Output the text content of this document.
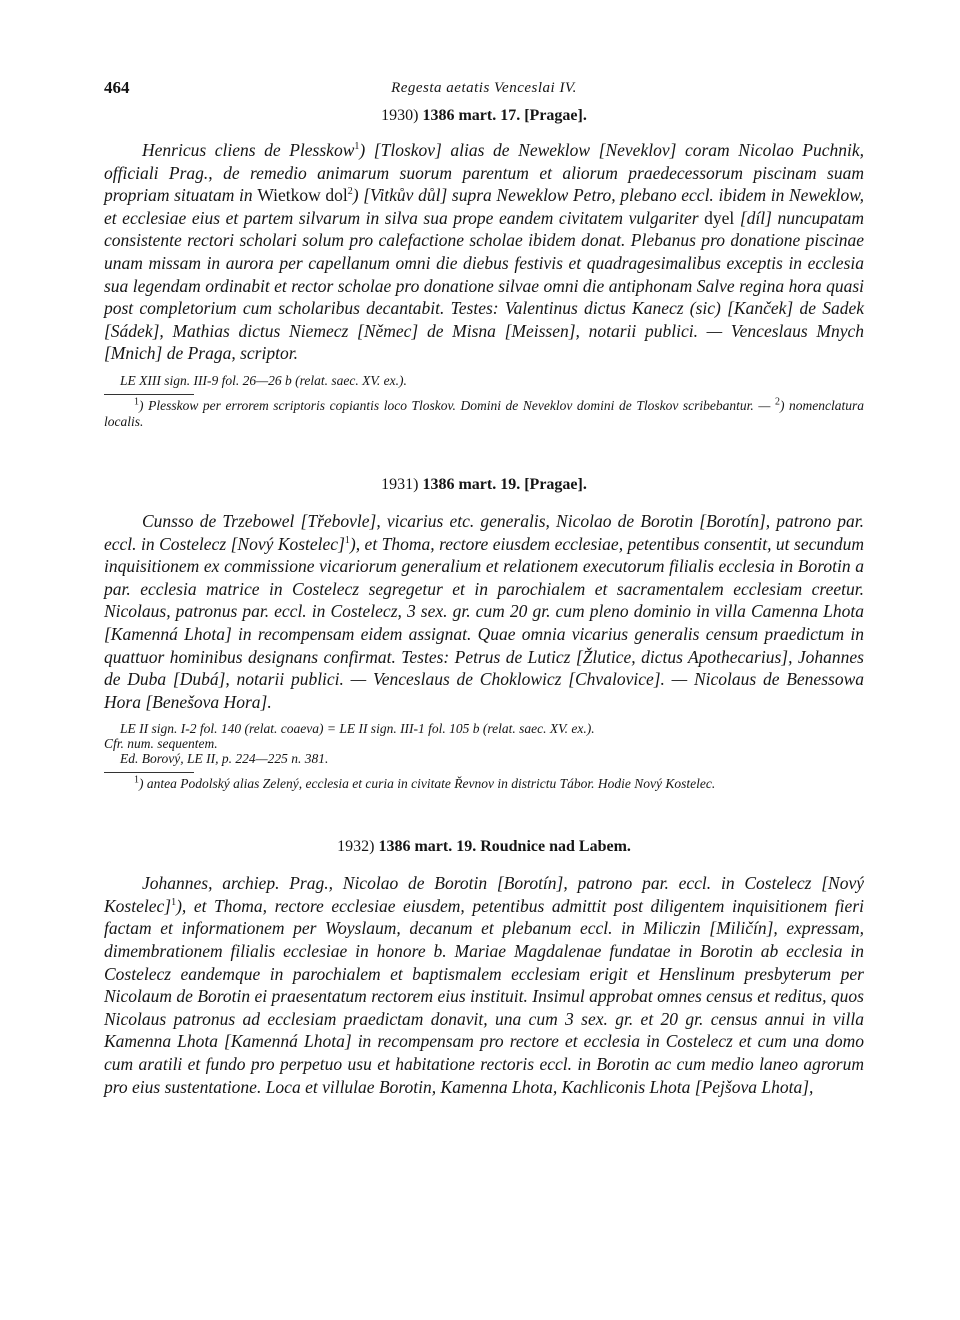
464	Regesta aetatis Venceslai IV.
1930) 1386 mart. 17. [Pragae].

Henricus cliens de Plesskow$^1$) [Tloskov] alias de Neweklow [Neveklov] coram Nicolao Puchnik, officiali Prag., de remedio animarum suorum parentum et aliorum praedecessorum piscinam suam propriam situatam in Wietkow dol$^2$) [Vitkův důl] supra Neweklow Petro, plebano eccl. ibidem in Neweklow, et ecclesiae eius et partem silvarum in silva sua prope eandem civitatem vulgariter dyel [díl] nuncupatam consistente rectori scholari solum pro calefactione scholae ibidem donat. Plebanus pro donatione piscinae unam missam in aurora per capellanum omni die diebus festivis et quadragesimalibus exceptis in ecclesia sua legendam ordinabit et rector scholae pro donatione silvae omni die antiphonam Salve regina hora quasi post completorium cum scholaribus decantabit. Testes: Valentinus dictus Kanecz (sic) [Kanček] de Sadek [Sádek], Mathias dictus Niemecz [Němec] de Misna [Meissen], notarii publici. — Venceslaus Mnych [Mnich] de Praga, scriptor.

LE XIII sign. III-9 fol. 26—26 b (relat. saec. XV. ex.).

$^1$) Plesskow per errorem scriptoris copiantis loco Tloskov. Domini de Neveklov domini de Tloskov scribebantur. — $^2$) nomenclatura localis.

1931) 1386 mart. 19. [Pragae].

Cunsso de Trzebowel [Třebovle], vicarius etc. generalis, Nicolao de Borotin [Borotín], patrono par. eccl. in Costelecz [Nový Kostelec]$^1$), et Thoma, rectore eiusdem ecclesiae, petentibus consentit, ut secundum inquisitionem ex commissione vicariorum generalium et relationem executorum filialis ecclesia in Borotin a par. ecclesia matrice in Costelecz segregetur et in parochialem et sacramentalem ecclesiam creetur. Nicolaus, patronus par. eccl. in Costelecz, 3 sex. gr. cum 20 gr. cum pleno dominio in villa Camenna Lhota [Kamenná Lhota] in recompensam eidem assignat. Quae omnia vicarius generalis censum praedictum in quattuor hominibus designans confirmat. Testes: Petrus de Luticz [Žlutice, dictus Apothecarius], Johannes de Duba [Dubá], notarii publici. — Venceslaus de Choklowicz [Chvalovice]. — Nicolaus de Benessowa Hora [Benešova Hora].

LE II sign. I-2 fol. 140 (relat. coaeva) = LE II sign. III-1 fol. 105 b (relat. saec. XV. ex.).
Cfr. num. sequentem.
Ed. Borový, LE II, p. 224—225 n. 381.

$^1$) antea Podolský alias Zelený, ecclesia et curia in civitate Řevnov in districtu Tábor. Hodie Nový Kostelec.

1932) 1386 mart. 19. Roudnice nad Labem.

Johannes, archiep. Prag., Nicolao de Borotin [Borotín], patrono par. eccl. in Costelecz [Nový Kostelec]$^1$), et Thoma, rectore ecclesiae eiusdem, petentibus admittit post diligentem inquisitionem fieri factam et informationem per Woyslaum, decanum et plebanum eccl. in Miliczin [Miličín], expressam, dimembrationem filialis ecclesiae in honore b. Mariae Magdalenae fundatae in Borotin ab ecclesia in Costelecz eandemque in parochialem et baptismalem ecclesiam erigit et Henslinum presbyterum per Nicolaum de Borotin ei praesentatum rectorem eius instituit. Insimul approbat omnes census et reditus, quos Nicolaus patronus ad ecclesiam praedictam donavit, una cum 3 sex. gr. et 20 gr. census annui in villa Kamenna Lhota [Kamenná Lhota] in recompensam pro rectore et ecclesia in Costelecz et cum una domo cum aratili et fundo pro perpetuo usu et habitatione rectoris eccl. in Borotin ac cum medio laneo agrorum pro eius sustentatione. Loca et villulae Borotin, Kamenna Lhota, Kachliconis Lhota [Pejšova Lhota],
